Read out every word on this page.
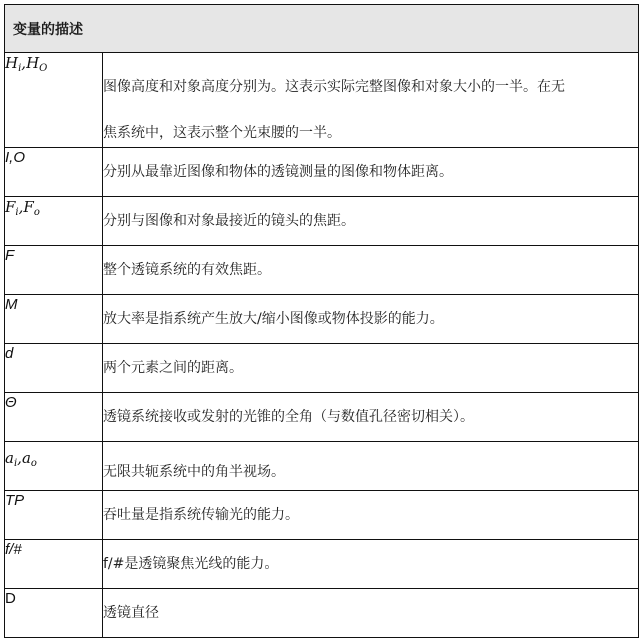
变量的描述	
$H_i,H_O$	图像高度和对象高度分别为。这表示实际完整图像和对象大小的一半。在无
焦系统中，这表示整个光束腰的一半。

I,O	分别从最靠近图像和物体的透镜测量的图像和物体距离。
$F_i,F_o$	分别与图像和对象最接近的镜头的焦距。
F	整个透镜系统的有效焦距。
M	放大率是指系统产生放大/缩小图像或物体投影的能力。
d	两个元素之间的距离。
Θ	透镜系统接收或发射的光锥的全角（与数值孔径密切相关）。
$a_i,a_o$	无限共轭系统中的角半视场。
TP	吞吐量是指系统传输光的能力。
f/#	f/#是透镜聚焦光线的能力。
D	透镜直径
